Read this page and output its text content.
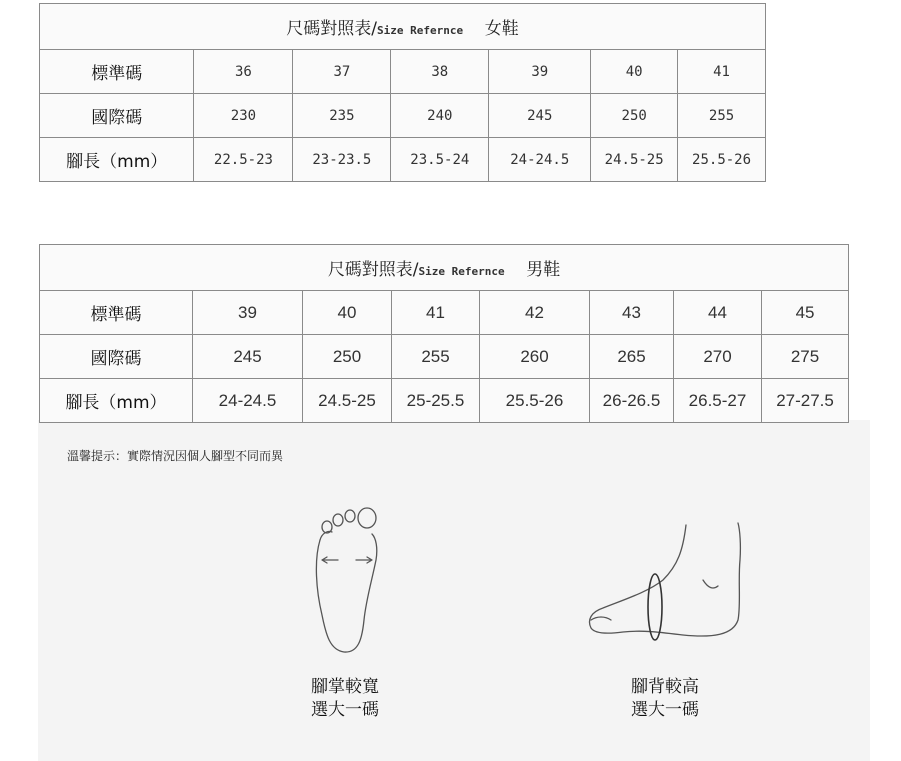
尺碼對照表/Size Refernce 女鞋						
標準碼	36	37	38	39	40	41
國際碼	230	235	240	245	250	255
腳長（mm）	22.5-23	23-23.5	23.5-24	24-24.5	24.5-25	25.5-26
尺碼對照表/Size Refernce 男鞋							
標準碼	39	40	41	42	43	44	45
國際碼	245	250	255	260	265	270	275
腳長（mm）	24-24.5	24.5-25	25-25.5	25.5-26	26-26.5	26.5-27	27-27.5
溫馨提示：實際情況因個人腳型不同而異
腳掌較寬
選大一碼
腳背較高
選大一碼
